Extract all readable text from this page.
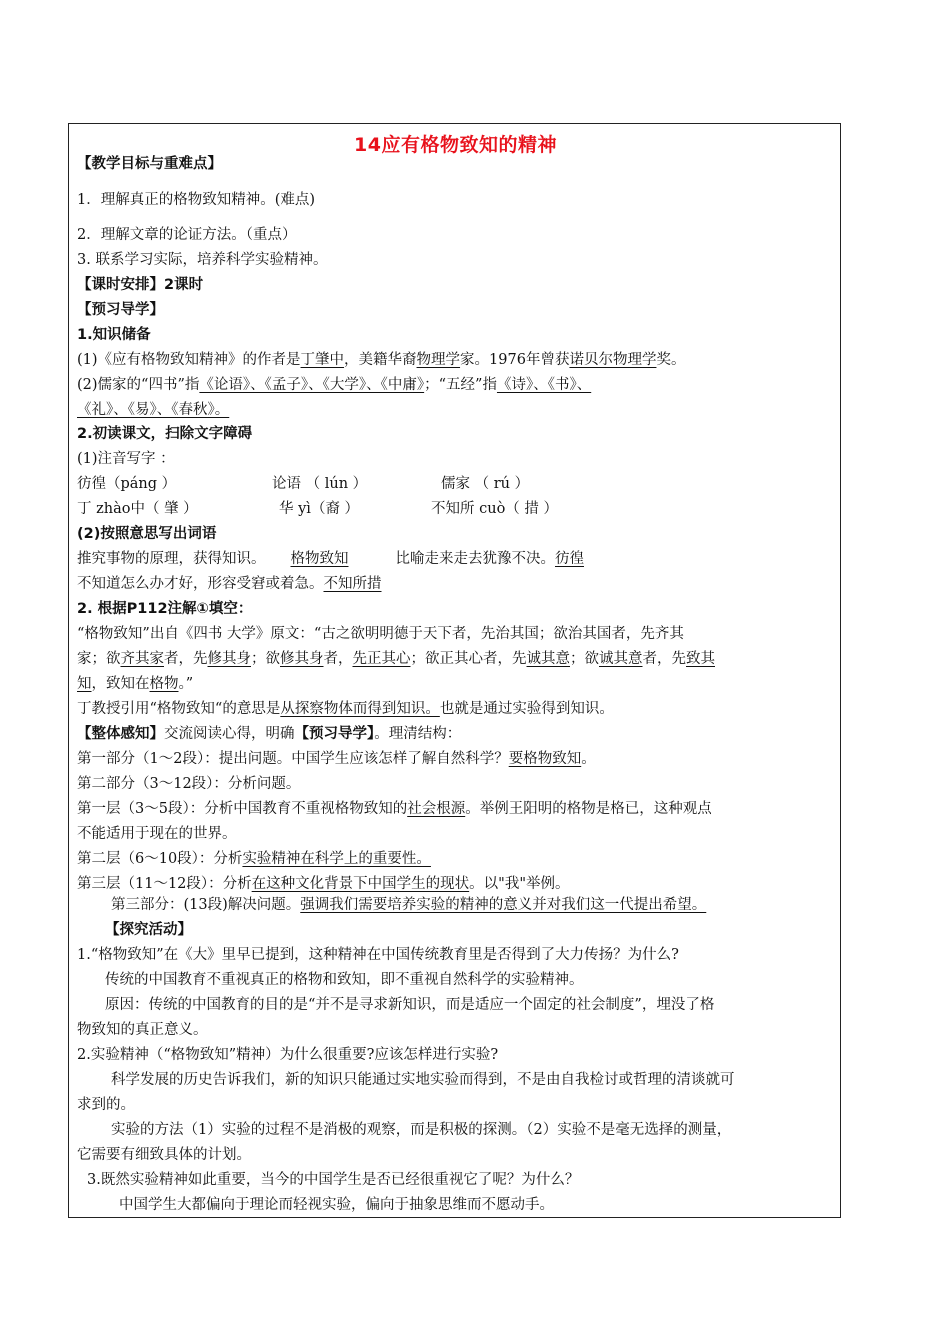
14应有格物致知的精神
【教学目标与重难点】
1．理解真正的格物致知精神。(难点)
2．理解文章的论证方法。（重点）
3. 联系学习实际，培养科学实验精神。
【课时安排】2课时
【预习导学】
1.知识储备
(1)《应有格物致知精神》的作者是丁肇中，美籍华裔物理学家。1976年曾获诺贝尔物理学奖。
(2)儒家的“四书”指《论语》、《孟子》、《大学》、《中庸》；“五经”指《诗》、《书》、
《礼》、《易》、《春秋》。
2.初读课文，扫除文字障碍
(1)注音写字 ：
彷徨（páng ）	论语 （ lún ）	儒家 （ rú ）
丁 zhào中（ 肇 ）	华 yì（裔 ）	不知所 cuò（ 措 ）
(2)按照意思写出词语
推究事物的原理，获得知识。 格物致知	比喻走来走去犹豫不决。彷徨
不知道怎么办才好，形容受窘或着急。不知所措
2. 根据P112注解①填空：
“格物致知”出自《四书 大学》原文：“古之欲明明德于天下者，先治其国；欲治其国者，先齐其
家；欲齐其家者，先修其身；欲修其身者，先正其心；欲正其心者，先诚其意；欲诚其意者，先致其
知，致知在格物。”
丁教授引用“格物致知“的意思是从探察物体而得到知识。也就是通过实验得到知识。
【整体感知】交流阅读心得，明确【预习导学】。理清结构：
第一部分（1～2段）：提出问题。中国学生应该怎样了解自然科学？要格物致知。
第二部分（3～12段）：分析问题。
第一层（3～5段）：分析中国教育不重视格物致知的社会根源。举例王阳明的格物是格已，这种观点
不能适用于现在的世界。
第二层（6～10段）：分析实验精神在科学上的重要性。
第三层（11～12段）：分析在这种文化背景下中国学生的现状。以"我"举例。
第三部分：(13段)解决问题。强调我们需要培养实验的精神的意义并对我们这一代提出希望。
【探究活动】
1.“格物致知”在《大》里早已提到，这种精神在中国传统教育里是否得到了大力传扬？为什么?
传统的中国教育不重视真正的格物和致知，即不重视自然科学的实验精神。
原因：传统的中国教育的目的是“并不是寻求新知识，而是适应一个固定的社会制度”，埋没了格
物致知的真正意义。
2.实验精神（“格物致知”精神）为什么很重要?应该怎样进行实验?
科学发展的历史告诉我们，新的知识只能通过实地实验而得到，不是由自我检讨或哲理的清谈就可
求到的。
实验的方法（1）实验的过程不是消极的观察，而是积极的探测。（2）实验不是毫无选择的测量，
它需要有细致具体的计划。
3.既然实验精神如此重要，当今的中国学生是否已经很重视它了呢？为什么？
中国学生大都偏向于理论而轻视实验，偏向于抽象思维而不愿动手。
